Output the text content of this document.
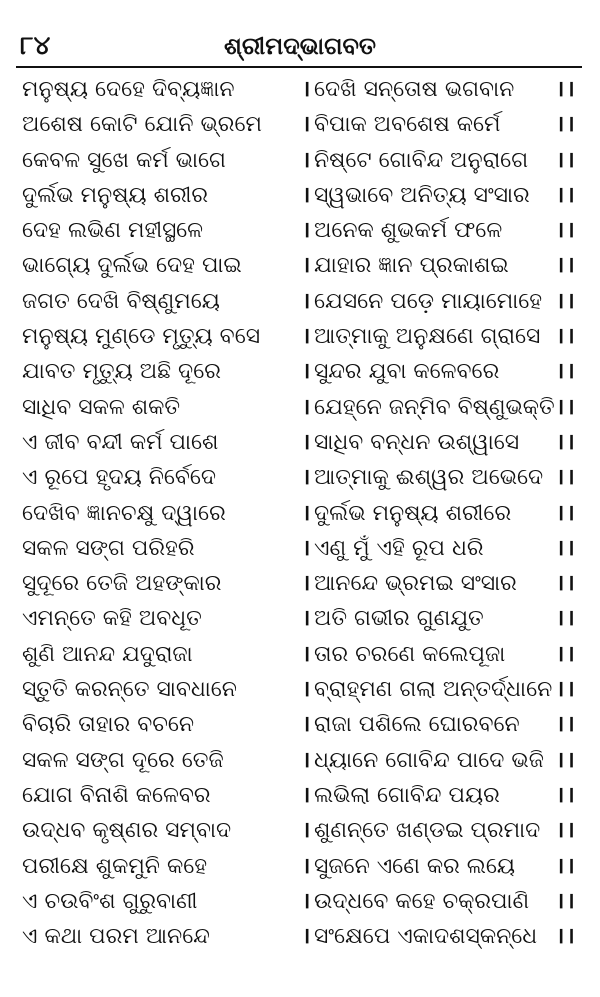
୮୪	ଶ୍ରୀମଦ୍ଭାଗବତ
ମନୁଷ୍ୟ ଦେହେ ଦିବ୍ୟଜ୍ଞାନ	। ଦେଖି ସନ୍ତୋଷ ଭଗବାନ ।।
ଅଶେଷ କୋଟି ଯୋନି ଭ୍ରମେ । ବିପାକ ଅବଶେଷ କର୍ମେ	।।
କେବଳ ସୁଖେ କର୍ମ ଭାଗେ	। ନିଷ୍ଟେ ଗୋବିନ୍ଦ ଅନୁରାଗେ ।।
ଦୁର୍ଲଭ ମନୁଷ୍ୟ ଶରୀର	। ସ୍ୱଭାବେ ଅନିତ୍ୟ ସଂସାର ।।
ଦେହ ଲଭିଣ ମହୀସ୍ଥଳେ	। ଅନେକ ଶୁଭକର୍ମ ଫଳେ ।।
ଭାଗ୍ୟେ ଦୁର୍ଲଭ ଦେହ ପାଇ	। ଯାହାର ଜ୍ଞାନ ପ୍ରକାଶଇ ।।
ଜଗତ ଦେଖି ବିଷ୍ଣୁମୟେ	। ଯେସନେ ପଡ଼େ ମାୟାମୋହେ ।।
ମନୁଷ୍ୟ ମୁଣ୍ଡେ ମୃତ୍ୟୁ ବସେ । ଆତ୍ମାକୁ ଅନୁକ୍ଷଣେ ଗ୍ରାସେ ।।
ଯାବତ ମୃତ୍ୟୁ ଅଛି ଦୂରେ	। ସୁନ୍ଦର ଯୁବା କଳେବରେ	।।
ସାଧିବ ସକଳ ଶକତି	। ଯେହ୍ନେ ଜନ୍ମିବ ବିଷ୍ଣୁଭକ୍ତି ।।
ଏ ଜୀବ ବନ୍ଦୀ କର୍ମ ପାଶେ	। ସାଧିବ ବନ୍ଧନ ଉଶ୍ୱାସେ ।।
ଏ ରୂପେ ହୃଦୟ ନିର୍ବେଦେ	। ଆତ୍ମାକୁ ଈଶ୍ୱର ଅଭେଦେ ।।
ଦେଖିବ ଜ୍ଞାନଚକ୍ଷୁ ଦ୍ୱାରେ	। ଦୁର୍ଲଭ ମନୁଷ୍ୟ ଶରୀରେ ।।
ସକଳ ସଙ୍ଗ ପରିହରି	। ଏଣୁ ମୁଁ ଏହି ରୂପ ଧରି	।।
ସୁଦୂରେ ତେଜି ଅହଙ୍କାର	। ଆନନ୍ଦେ ଭ୍ରମଇ ସଂସାର ।।
ଏମନ୍ତେ କହି ଅବଧୂତ	। ଅତି ଗଭୀର ଗୁଣଯୁତ	।।
ଶୁଣି ଆନନ୍ଦ ଯଦୁରାଜା	। ତାର ଚରଣେ କଲେପୂଜା ।।
ସ୍ତୁତି କରନ୍ତେ ସାବଧାନେ	। ବ୍ରାହ୍ମଣ ଗଲା ଅନ୍ତର୍ଦ୍ଧାନେ ।।
ବିଚାରି ତାହାର ବଚନେ	। ରାଜା ପଶିଲେ ଘୋରବନେ ।।
ସକଳ ସଙ୍ଗ ଦୂରେ ତେଜି	। ଧ୍ୟାନେ ଗୋବିନ୍ଦ ପାଦେ ଭଜି ।।
ଯୋଗ ବିନାଶି କଳେବର	। ଲଭିଲା ଗୋବିନ୍ଦ ପୟର	।।
ଉଦ୍ଧବ କୃଷ୍ଣର ସମ୍ବାଦ	। ଶୁଣନ୍ତେ ଖଣ୍ଡଇ ପ୍ରମାଦ ।।
ପରୀକ୍ଷେ ଶୁକମୁନି କହେ	। ସୁଜନେ ଏଣେ କର ଲୟେ ।।
ଏ ଚଉବିଂଶ ଗୁରୁବାଣୀ	। ଉଦ୍ଧବେ କହେ ଚକ୍ରପାଣି ।।
ଏ କଥା ପରମ ଆନନ୍ଦେ	। ସଂକ୍ଷେପେ ଏକାଦଶସ୍କନ୍ଧେ ।।
